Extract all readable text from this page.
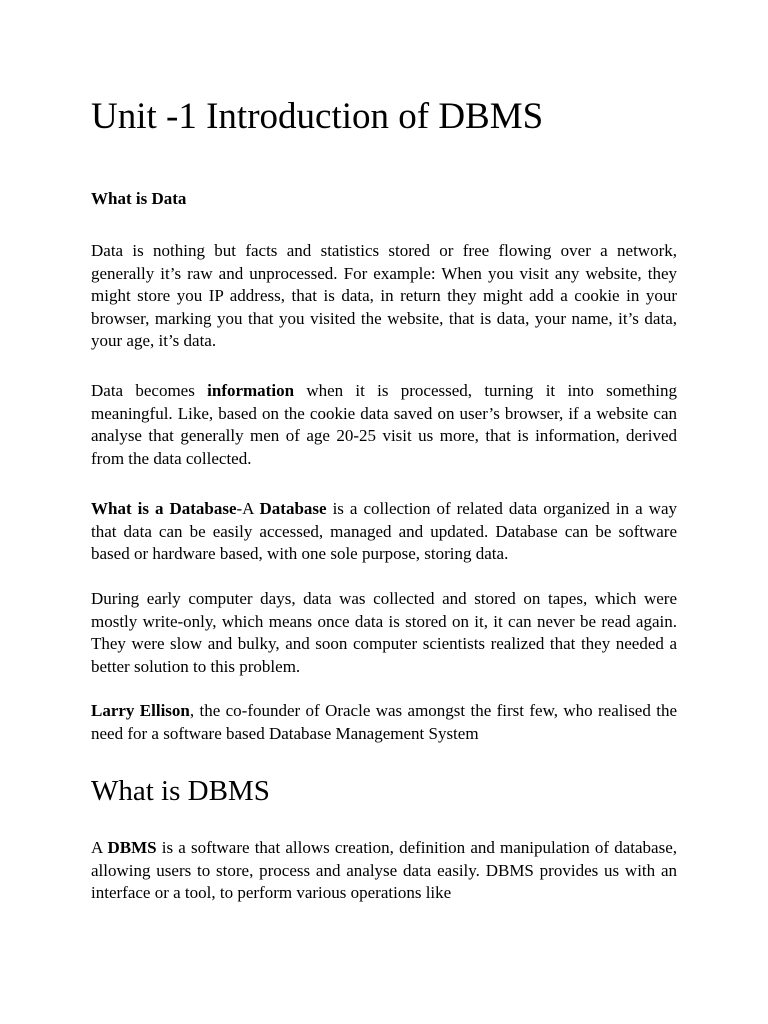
Unit -1 Introduction of DBMS
What is Data

Data is nothing but facts and statistics stored or free flowing over a network, generally it’s raw and unprocessed. For example: When you visit any website, they might store you IP address, that is data, in return they might add a cookie in your browser, marking you that you visited the website, that is data, your name, it’s data, your age, it’s data.

Data becomes information when it is processed, turning it into something meaningful. Like, based on the cookie data saved on user’s browser, if a website can analyse that generally men of age 20-25 visit us more, that is information, derived from the data collected.

What is a Database-A Database is a collection of related data organized in a way that data can be easily accessed, managed and updated. Database can be software based or hardware based, with one sole purpose, storing data.

During early computer days, data was collected and stored on tapes, which were mostly write-only, which means once data is stored on it, it can never be read again. They were slow and bulky, and soon computer scientists realized that they needed a better solution to this problem.

Larry Ellison, the co-founder of Oracle was amongst the first few, who realised the need for a software based Database Management System

What is DBMS

A DBMS is a software that allows creation, definition and manipulation of database, allowing users to store, process and analyse data easily. DBMS provides us with an interface or a tool, to perform various operations like
